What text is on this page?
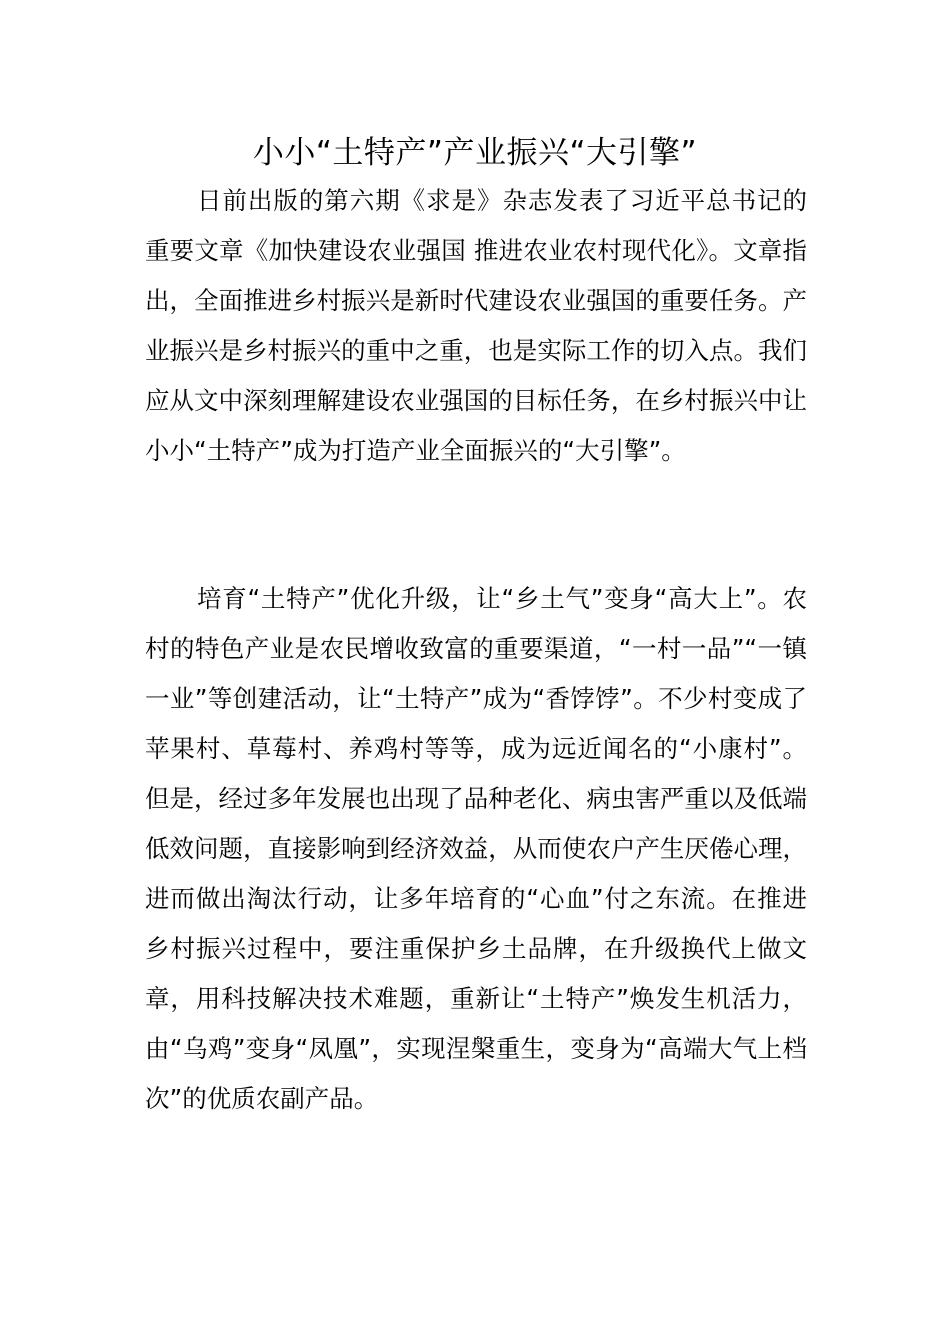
小小“土特产”产业振兴“大引擎”

日前出版的第六期《求是》杂志发表了习近平总书记的重要文章《加快建设农业强国 推进农业农村现代化》。文章指出，全面推进乡村振兴是新时代建设农业强国的重要任务。产业振兴是乡村振兴的重中之重，也是实际工作的切入点。我们应从文中深刻理解建设农业强国的目标任务，在乡村振兴中让小小“土特产”成为打造产业全面振兴的“大引擎”。

培育“土特产”优化升级，让“乡土气”变身“高大上”。农村的特色产业是农民增收致富的重要渠道，“一村一品”“一镇一业”等创建活动，让“土特产”成为“香饽饽”。不少村变成了苹果村、草莓村、养鸡村等等，成为远近闻名的“小康村”。但是，经过多年发展也出现了品种老化、病虫害严重以及低端低效问题，直接影响到经济效益，从而使农户产生厌倦心理，进而做出淘汰行动，让多年培育的“心血”付之东流。在推进乡村振兴过程中，要注重保护乡土品牌，在升级换代上做文章，用科技解决技术难题，重新让“土特产”焕发生机活力，由“乌鸡”变身“凤凰”，实现涅槃重生，变身为“高端大气上档次”的优质农副产品。
